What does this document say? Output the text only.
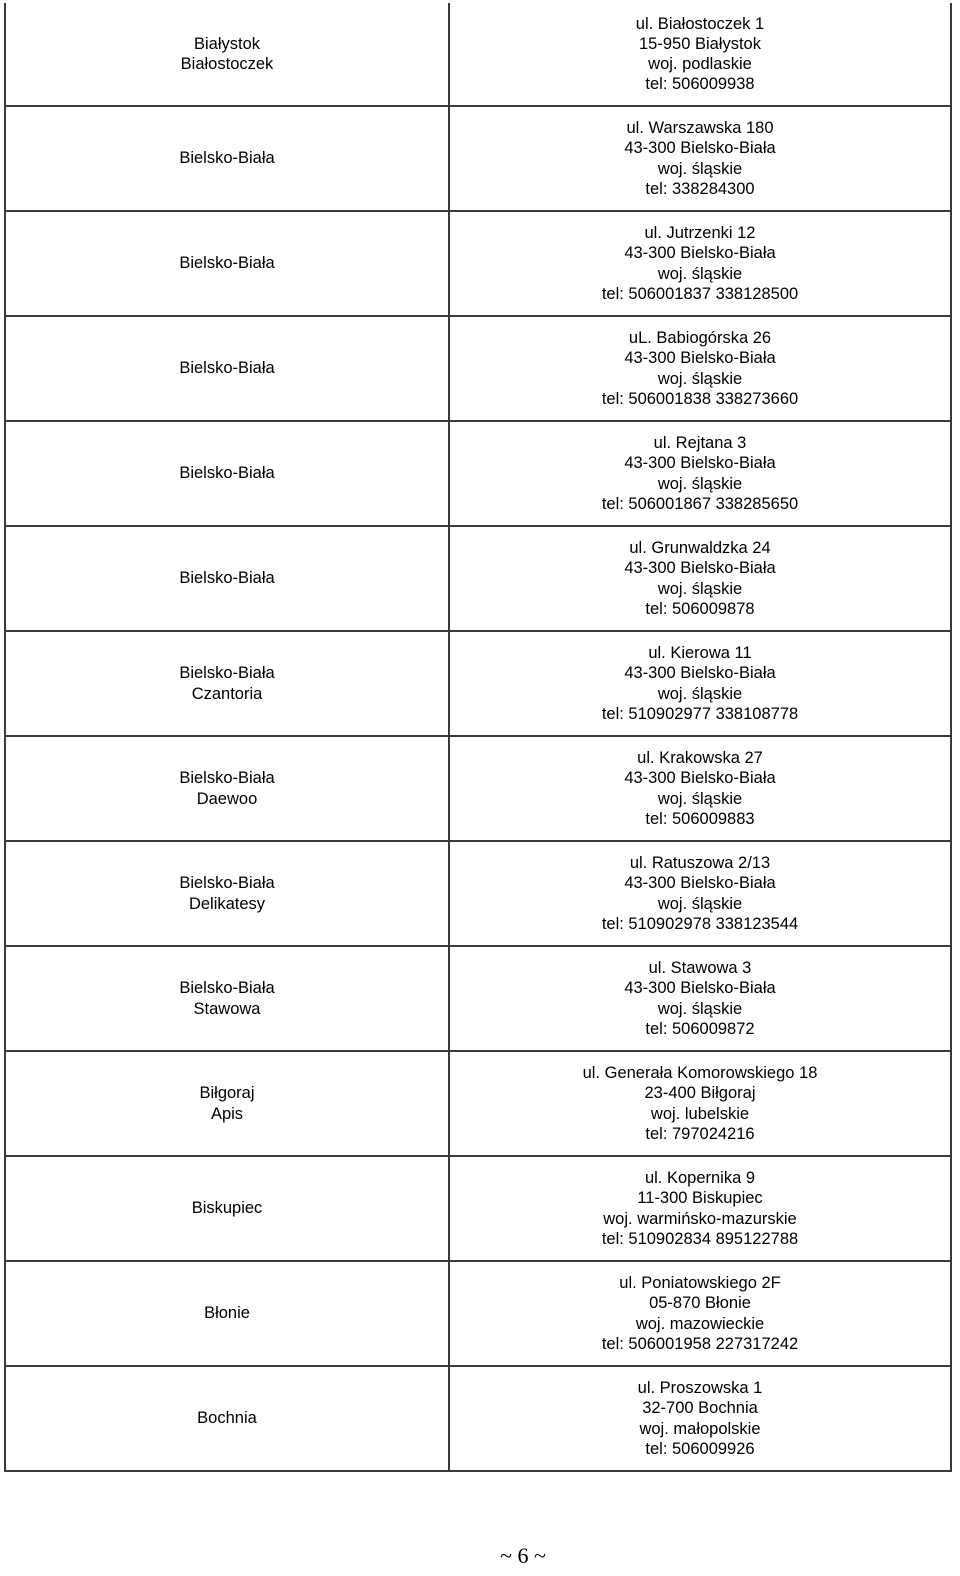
Białystok
Białostoczek	ul. Białostoczek 1
15-950 Białystok
woj. podlaskie
tel: 506009938

Bielsko-Biała	ul. Warszawska 180
43-300 Bielsko-Biała
woj. śląskie
tel: 338284300

Bielsko-Biała	ul. Jutrzenki 12
43-300 Bielsko-Biała
woj. śląskie
tel: 506001837 338128500

Bielsko-Biała	uL. Babiogórska 26
43-300 Bielsko-Biała
woj. śląskie
tel: 506001838 338273660

Bielsko-Biała	ul. Rejtana 3
43-300 Bielsko-Biała
woj. śląskie
tel: 506001867 338285650

Bielsko-Biała	ul. Grunwaldzka 24
43-300 Bielsko-Biała
woj. śląskie
tel: 506009878

Bielsko-Biała
Czantoria	ul. Kierowa 11
43-300 Bielsko-Biała
woj. śląskie
tel: 510902977 338108778

Bielsko-Biała
Daewoo	ul. Krakowska 27
43-300 Bielsko-Biała
woj. śląskie
tel: 506009883

Bielsko-Biała
Delikatesy	ul. Ratuszowa 2/13
43-300 Bielsko-Biała
woj. śląskie
tel: 510902978 338123544

Bielsko-Biała
Stawowa	ul. Stawowa 3
43-300 Bielsko-Biała
woj. śląskie
tel: 506009872

Biłgoraj
Apis	ul. Generała Komorowskiego 18
23-400 Biłgoraj
woj. lubelskie
tel: 797024216

Biskupiec	ul. Kopernika 9
11-300 Biskupiec
woj. warmińsko-mazurskie
tel: 510902834 895122788

Błonie	ul. Poniatowskiego 2F
05-870 Błonie
woj. mazowieckie
tel: 506001958 227317242

Bochnia	ul. Proszowska 1
32-700 Bochnia
woj. małopolskie
tel: 506009926
~ 6 ~
